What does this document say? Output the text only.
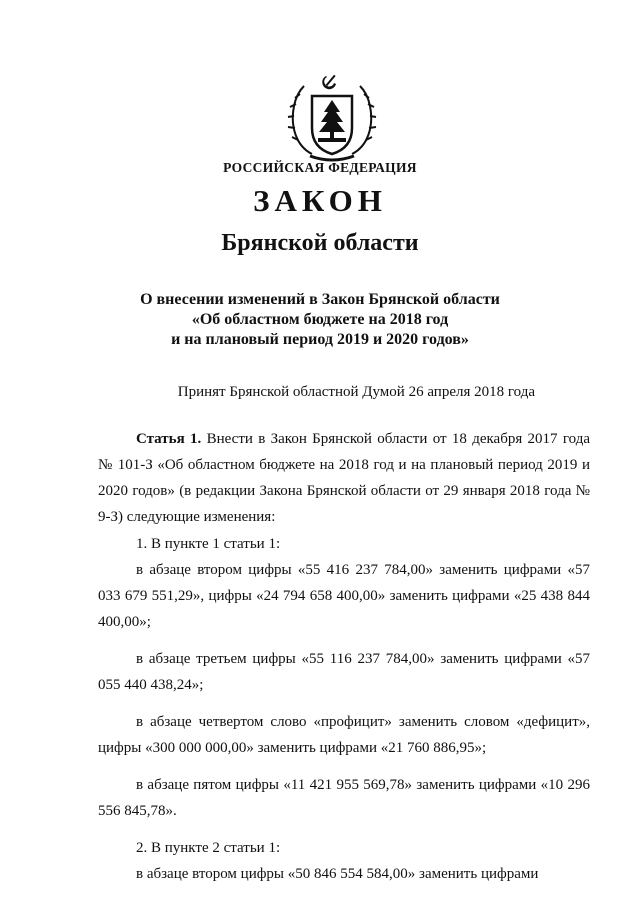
РОССИЙСКАЯ ФЕДЕРАЦИЯ
ЗАКОН
Брянской области
О внесении изменений в Закон Брянской области
«Об областном бюджете на 2018 год
и на плановый период 2019 и 2020 годов»
Принят Брянской областной Думой 26 апреля 2018 года

Статья 1. Внести в Закон Брянской области от 18 декабря 2017 года № 101-З «Об областном бюджете на 2018 год и на плановый период 2019 и 2020 годов» (в редакции Закона Брянской области от 29 января 2018 года № 9-З) следующие изменения:

1. В пункте 1 статьи 1:

в абзаце втором цифры «55 416 237 784,00» заменить цифрами «57 033 679 551,29», цифры «24 794 658 400,00» заменить цифрами «25 438 844 400,00»;

в абзаце третьем цифры «55 116 237 784,00» заменить цифрами «57 055 440 438,24»;

в абзаце четвертом слово «профицит» заменить словом «дефицит», цифры «300 000 000,00» заменить цифрами «21 760 886,95»;

в абзаце пятом цифры «11 421 955 569,78» заменить цифрами «10 296 556 845,78».

2. В пункте 2 статьи 1:

в абзаце втором цифры «50 846 554 584,00» заменить цифрами
